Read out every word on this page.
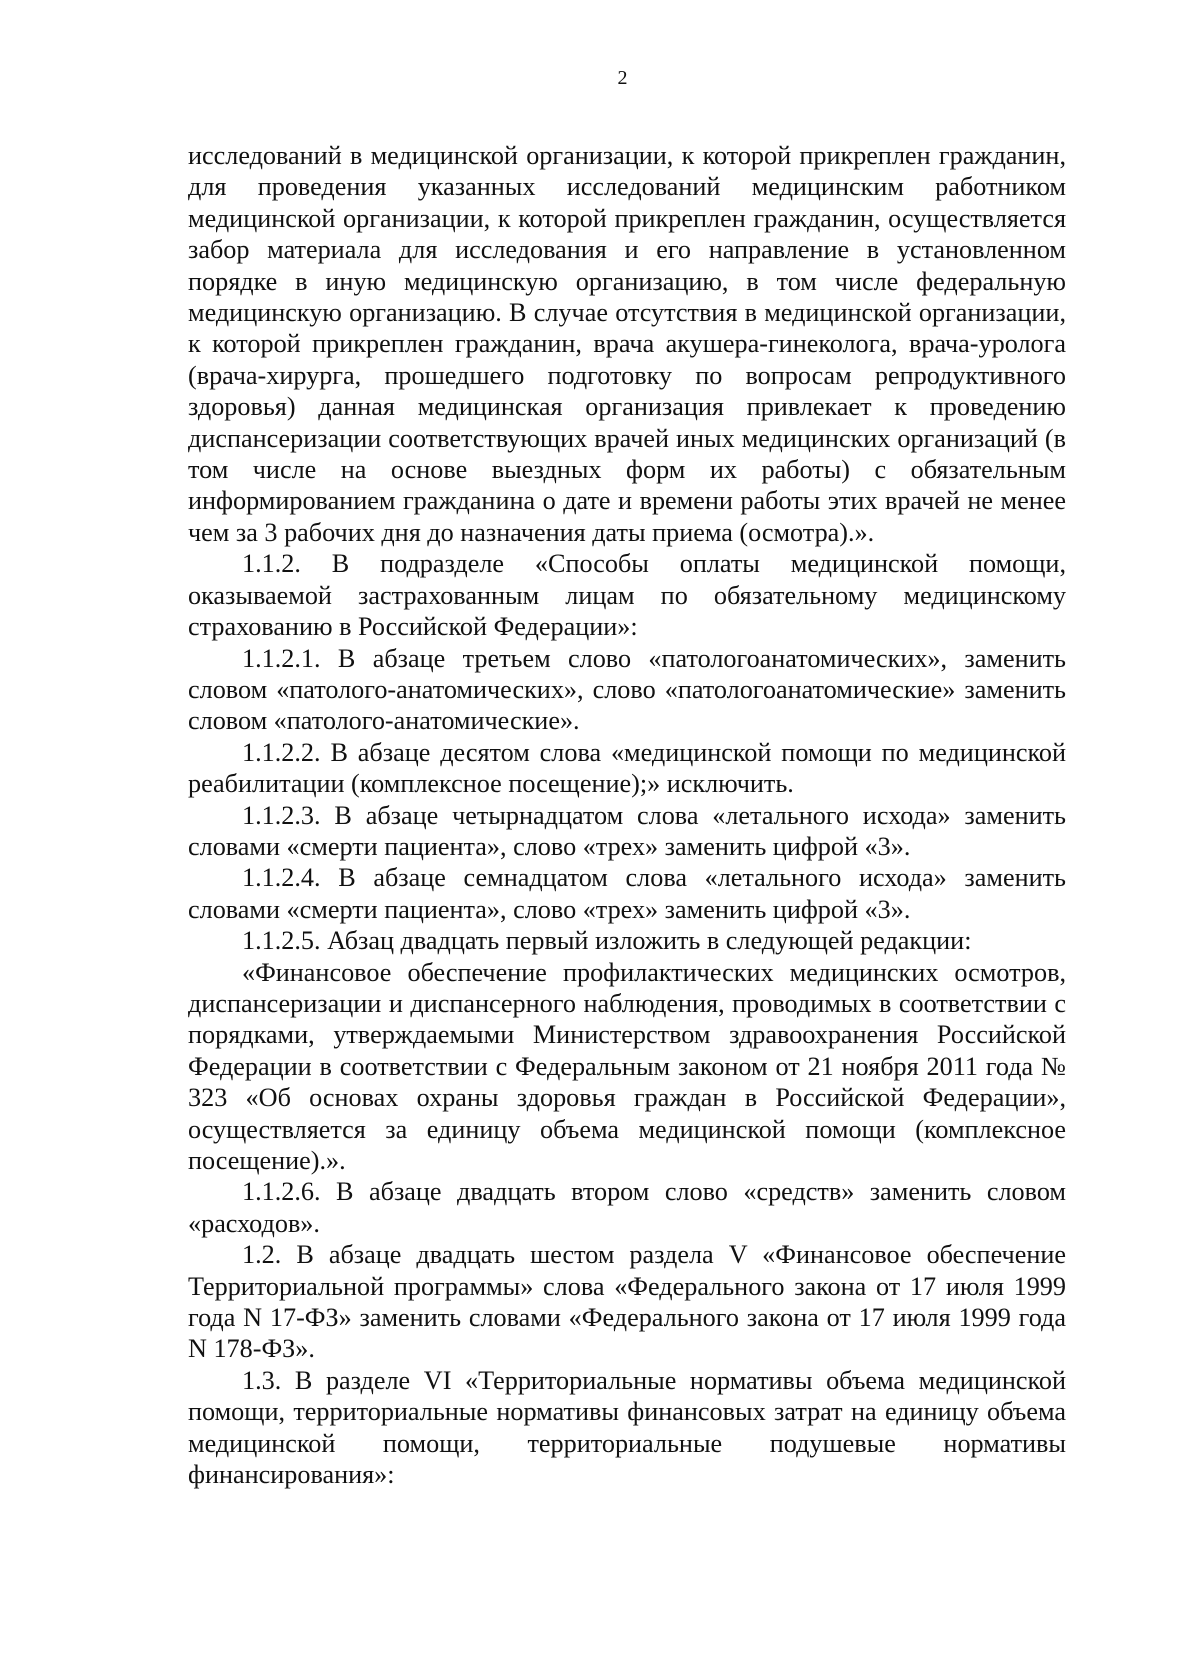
2

исследований в медицинской организации, к которой прикреплен гражданин, для проведения указанных исследований медицинским работником медицинской организации, к которой прикреплен гражданин, осуществляется забор материала для исследования и его направление в установленном порядке в иную медицинскую организацию, в том числе федеральную медицинскую организацию. В случае отсутствия в медицинской организации, к которой прикреплен гражданин, врача акушера-гинеколога, врача-уролога (врача-хирурга, прошедшего подготовку по вопросам репродуктивного здоровья) данная медицинская организация привлекает к проведению диспансеризации соответствующих врачей иных медицинских организаций (в том числе на основе выездных форм их работы) с обязательным информированием гражданина о дате и времени работы этих врачей не менее чем за 3 рабочих дня до назначения даты приема (осмотра).».

1.1.2. В подразделе «Способы оплаты медицинской помощи, оказываемой застрахованным лицам по обязательному медицинскому страхованию в Российской Федерации»:

1.1.2.1. В абзаце третьем слово «патологоанатомических», заменить словом «патолого-анатомических», слово «патологоанатомические» заменить словом «патолого-анатомические».

1.1.2.2. В абзаце десятом слова «медицинской помощи по медицинской реабилитации (комплексное посещение);» исключить.

1.1.2.3. В абзаце четырнадцатом слова «летального исхода» заменить словами «смерти пациента», слово «трех» заменить цифрой «3».

1.1.2.4. В абзаце семнадцатом слова «летального исхода» заменить словами «смерти пациента», слово «трех» заменить цифрой «3».

1.1.2.5. Абзац двадцать первый изложить в следующей редакции:

«Финансовое обеспечение профилактических медицинских осмотров, диспансеризации и диспансерного наблюдения, проводимых в соответствии с порядками, утверждаемыми Министерством здравоохранения Российской Федерации в соответствии с Федеральным законом от 21 ноября 2011 года № 323 «Об основах охраны здоровья граждан в Российской Федерации», осуществляется за единицу объема медицинской помощи (комплексное посещение).».

1.1.2.6. В абзаце двадцать втором слово «средств» заменить словом «расходов».

1.2. В абзаце двадцать шестом раздела V «Финансовое обеспечение Территориальной программы» слова «Федерального закона от 17 июля 1999 года N 17-ФЗ» заменить словами «Федерального закона от 17 июля 1999 года N 178-ФЗ».

1.3. В разделе VI «Территориальные нормативы объема медицинской помощи, территориальные нормативы финансовых затрат на единицу объема медицинской помощи, территориальные подушевые нормативы финансирования»:
